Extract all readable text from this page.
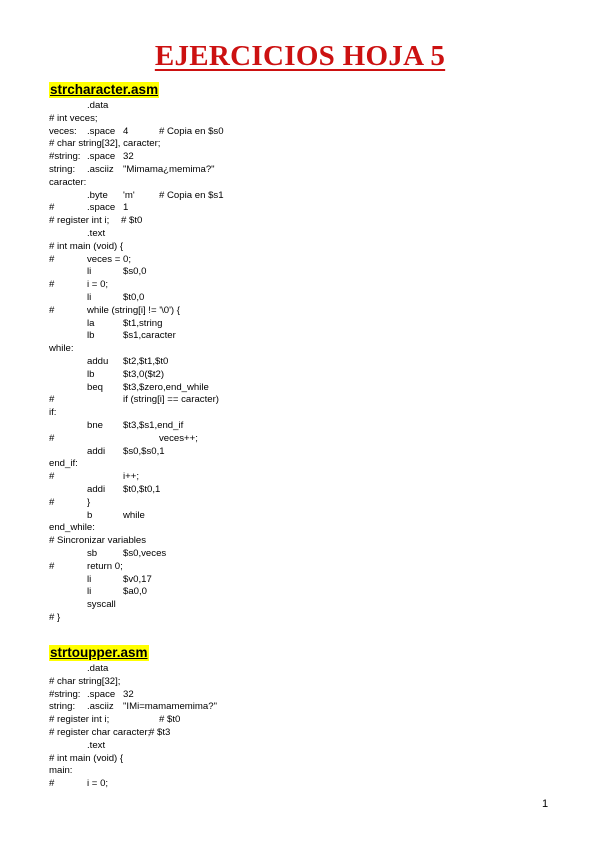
EJERCICIOS HOJA 5
strcharacter.asm
.data
# int veces;
veces: .space 4	# Copia en $s0
# char string[32], caracter;
#string: .space 32
string: .asciiz "Mimama¿memima?"
caracter:
.byte 'm'	# Copia en $s1
#	.space 1
# register int i; # $t0
.text
# int main (void) {
#	veces = 0;
li	$s0,0
#	i = 0;
li	$t0,0
#	while (string[i] != '\0') {
la	$t1,string
lb	$s1,caracter
while:
addu $t2,$t1,$t0
lb	$t3,0($t2)
beq $t3,$zero,end_while
#	if (string[i] == caracter)
if:
bne $t3,$s1,end_if
#	veces++;
addi $s0,$s0,1
end_if:
#	i++;
addi $t0,$t0,1
#	}
b	while
end_while:
# Sincronizar variables
sb	$s0,veces
#	return 0;
li	$v0,17
li	$a0,0
syscall
# }
strtoupper.asm
.data
# char string[32];
#string: .space 32
string: .asciiz "IMi=mamamemima?"
# register int i;	# $t0
# register char caracter;
# $t3
.text
# int main (void) {
main:
#	i = 0;
1
